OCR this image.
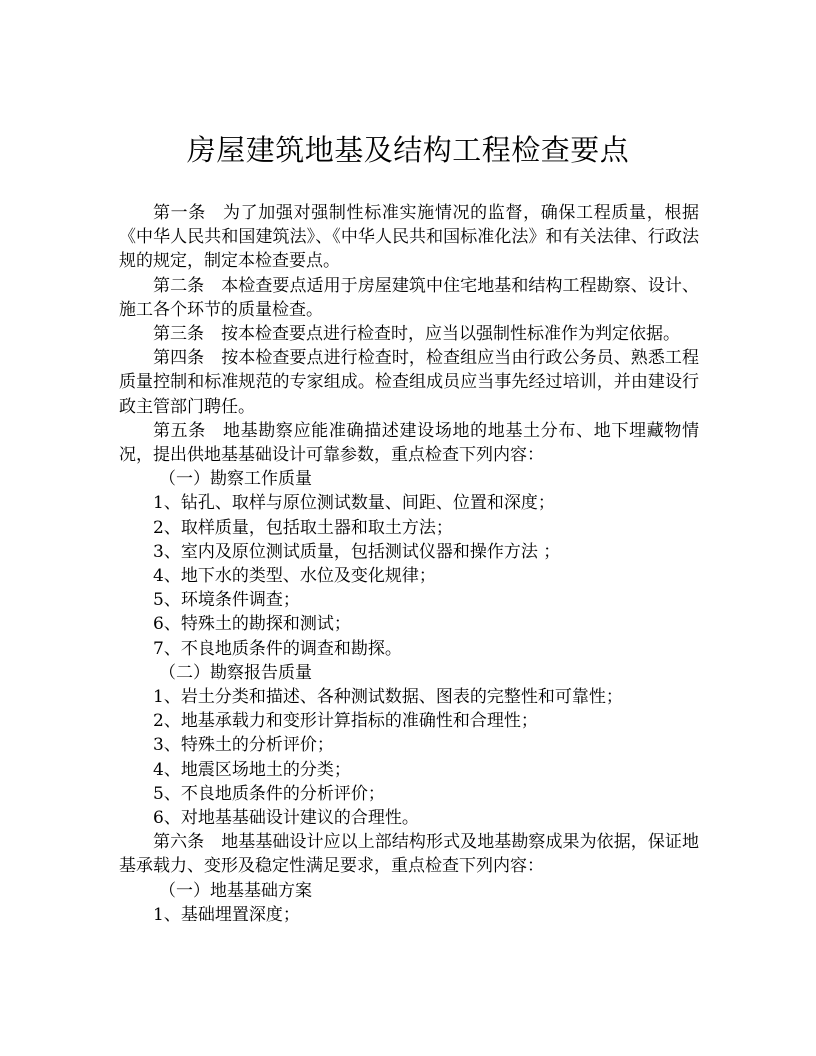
房屋建筑地基及结构工程检查要点

第一条 为了加强对强制性标准实施情况的监督，确保工程质量，根据《中华人民共和国建筑法》、《中华人民共和国标准化法》和有关法律、行政法规的规定，制定本检查要点。

第二条 本检查要点适用于房屋建筑中住宅地基和结构工程勘察、设计、施工各个环节的质量检查。

第三条 按本检查要点进行检查时，应当以强制性标准作为判定依据。

第四条 按本检查要点进行检查时，检查组应当由行政公务员、熟悉工程质量控制和标准规范的专家组成。检查组成员应当事先经过培训，并由建设行政主管部门聘任。

第五条 地基勘察应能准确描述建设场地的地基土分布、地下埋藏物情况，提出供地基基础设计可靠参数，重点检查下列内容：

（一）勘察工作质量

1、钻孔、取样与原位测试数量、间距、位置和深度；

2、取样质量，包括取土器和取土方法；

3、室内及原位测试质量，包括测试仪器和操作方法 ；

4、地下水的类型、水位及变化规律；

5、环境条件调查；

6、特殊土的勘探和测试；

7、不良地质条件的调查和勘探。

（二）勘察报告质量

1、岩土分类和描述、各种测试数据、图表的完整性和可靠性；

2、地基承载力和变形计算指标的准确性和合理性；

3、特殊土的分析评价；

4、地震区场地土的分类；

5、不良地质条件的分析评价；

6、对地基基础设计建议的合理性。

第六条 地基基础设计应以上部结构形式及地基勘察成果为依据，保证地基承载力、变形及稳定性满足要求，重点检查下列内容：

（一）地基基础方案

1、基础埋置深度；
